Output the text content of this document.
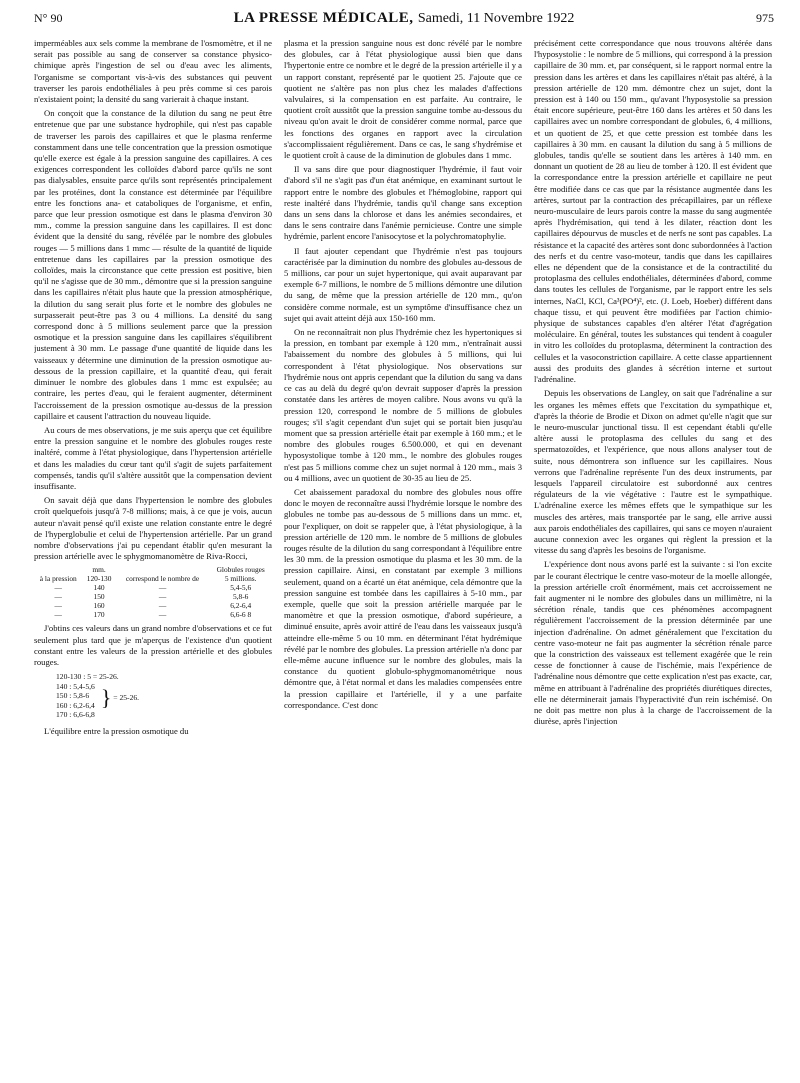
N° 90	LA PRESSE MÉDICALE, Samedi, 11 Novembre 1922	975

imperméables aux sels comme la membrane de l'osmomètre, et il ne serait pas possible au sang de conserver sa constance physico-chimique après l'ingestion de sel ou d'eau avec les aliments, l'organisme se comportant vis-à-vis des substances qui peuvent traverser les parois endothéliales à peu près comme si ces parois n'existaient point; la densité du sang varierait à chaque instant.

On conçoit que la constance de la dilution du sang ne peut être entretenue que par une substance hydrophile, qui n'est pas capable de traverser les parois des capillaires et que le plasma renferme constamment dans une telle concentration que la pression osmotique qu'elle exerce est égale à la pression sanguine des capillaires. A ces exigences correspondent les colloïdes d'abord parce qu'ils ne sont pas dialysables, ensuite parce qu'ils sont représentés principalement par les protéines, dont la constance est déterminée par l'équilibre entre les fonctions ana- et cataboliques de l'organisme, et enfin, parce que leur pression osmotique est dans le plasma d'environ 30 mm., comme la pression sanguine dans les capillaires. Il est donc évident que la densité du sang, révélée par le nombre des globules rouges — 5 millions dans 1 mmc — résulte de la quantité de liquide entretenue dans les capillaires par la pression osmotique des colloïdes, mais la circonstance que cette pression est positive, bien qu'il ne s'agisse que de 30 mm., démontre que si la pression sanguine dans les capillaires n'était plus haute que la pression atmosphérique, la dilution du sang serait plus forte et le nombre des globules ne surpasserait peut-être pas 3 ou 4 millions. La densité du sang correspond donc à 5 millions seulement parce que la pression osmotique et la pression sanguine dans les capillaires s'équilibrent justement à 30 mm. Le passage d'une quantité de liquide dans les vaisseaux y détermine une diminution de la pression osmotique au-dessous de la pression capillaire, et la quantité d'eau, qui ferait diminuer le nombre des globules dans 1 mmc est expulsée; au contraire, les pertes d'eau, qui le feraient augmenter, déterminent l'accroissement de la pression osmotique au-dessus de la pression capillaire et causent l'attraction du nouveau liquide.

Au cours de mes observations, je me suis aperçu que cet équilibre entre la pression sanguine et le nombre des globules rouges reste inaltéré, comme à l'état physiologique, dans l'hypertension artérielle et dans les maladies du cœur tant qu'il s'agit de sujets parfaitement compensés, tandis qu'il s'altère aussitôt que la compensation devient insuffisante.

On savait déjà que dans l'hypertension le nombre des globules croît quelquefois jusqu'à 7-8 millions; mais, à ce que je vois, aucun auteur n'avait pensé qu'il existe une relation constante entre le degré de l'hyperglobulie et celui de l'hypertension artérielle. Par un grand nombre d'observations j'ai pu cependant établir qu'en mesurant la pression artérielle avec le sphygmomanomètre de Riva-Rocci,

	mm.		Globules rouges
à la pression	120-130	correspond le nombre de	5 millions.
—	140	—	5,4-5,6
—	150	—	5,8-6
—	160	—	6,2-6,4
—	170	—	6,6-6 8

J'obtins ces valeurs dans un grand nombre d'observations et ce fut seulement plus tard que je m'aperçus de l'existence d'un quotient constant entre les valeurs de la pression artérielle et des globules rouges.

120-130 : 5 = 25-26.
140 : 5,4-5,6
150 : 5,8-6
160 : 6,2-6,4
170 : 6,6-6,8
} = 25-26.

L'équilibre entre la pression osmotique du

plasma et la pression sanguine nous est donc révélé par le nombre des globules, car à l'état physiologique aussi bien que dans l'hypertonie entre ce nombre et le degré de la pression artérielle il y a un rapport constant, représenté par le quotient 25. J'ajoute que ce quotient ne s'altère pas non plus chez les malades d'affections valvulaires, si la compensation en est parfaite. Au contraire, le quotient croît aussitôt que la pression sanguine tombe au-dessous du niveau qu'on avait le droit de considérer comme normal, parce que les fonctions des organes en rapport avec la circulation s'accomplissaient régulièrement. Dans ce cas, le sang s'hydrémise et le quotient croît à cause de la diminution de globules dans 1 mmc.

Il va sans dire que pour diagnostiquer l'hydrémie, il faut voir d'abord s'il ne s'agit pas d'un état anémique, en examinant surtout le rapport entre le nombre des globules et l'hémoglobine, rapport qui reste inaltéré dans l'hydrémie, tandis qu'il change sans exception dans un sens dans la chlorose et dans les anémies secondaires, et dans le sens contraire dans l'anémie pernicieuse. Contre une simple hydrémie, parlent encore l'anisocytose et la polychromatophylie.

Il faut ajouter cependant que l'hydrémie n'est pas toujours caractérisée par la diminution du nombre des globules au-dessous de 5 millions, car pour un sujet hypertonique, qui avait auparavant par exemple 6-7 millions, le nombre de 5 millions démontre une dilution du sang, de même que la pression artérielle de 120 mm., qu'on considère comme normale, est un symptôme d'insuffisance chez un sujet qui avait atteint déjà aux 150-160 mm.

On ne reconnaîtrait non plus l'hydrémie chez les hypertoniques si la pression, en tombant par exemple à 120 mm., n'entraînait aussi l'abaissement du nombre des globules à 5 millions, qui lui correspondent à l'état physiologique. Nos observations sur l'hydrémie nous ont appris cependant que la dilution du sang va dans ce cas au delà du degré qu'on devrait supposer d'après la pression constatée dans les artères de moyen calibre. Nous avons vu qu'à la pression 120, correspond le nombre de 5 millions de globules rouges; s'il s'agit cependant d'un sujet qui se portait bien jusqu'au moment que sa pression artérielle était par exemple à 160 mm.; et le nombre des globules rouges 6.500.000, et qui en devenant hyposystolique tombe à 120 mm., le nombre des globules rouges n'est pas 5 millions comme chez un sujet normal à 120 mm., mais 3 ou 4 millions, avec un quotient de 30-35 au lieu de 25.

Cet abaissement paradoxal du nombre des globules nous offre donc le moyen de reconnaître aussi l'hydrémie lorsque le nombre des globules ne tombe pas au-dessous de 5 millions dans un mmc. et, pour l'expliquer, on doit se rappeler que, à l'état physiologique, à la pression artérielle de 120 mm. le nombre de 5 millions de globules rouges résulte de la dilution du sang correspondant à l'équilibre entre les 30 mm. de la pression osmotique du plasma et les 30 mm. de la pression capillaire. Ainsi, en constatant par exemple 3 millions seulement, quand on a écarté un état anémique, cela démontre que la pression sanguine est tombée dans les capillaires à 5-10 mm., par exemple, quelle que soit la pression artérielle marquée par le manomètre et que la pression osmotique, d'abord supérieure, a diminué ensuite, après avoir attiré de l'eau dans les vaisseaux jusqu'à atteindre elle-même 5 ou 10 mm. en déterminant l'état hydrémique révélé par le nombre des globules. La pression artérielle n'a donc par elle-même aucune influence sur le nombre des globules, mais la constance du quotient globulo-sphygmomanométrique nous démontre que, à l'état normal et dans les maladies compensées entre la pression capillaire et l'artérielle, il y a une parfaite correspondance. C'est donc

précisément cette correspondance que nous trouvons altérée dans l'hyposystolie : le nombre de 5 millions, qui correspond à la pression capillaire de 30 mm. et, par conséquent, si le rapport normal entre la pression dans les artères et dans les capillaires n'était pas altéré, à la pression artérielle de 120 mm. démontre chez un sujet, dont la pression est à 140 ou 150 mm., qu'avant l'hyposystolie sa pression était encore supérieure, peut-être 160 dans les artères et 50 dans les capillaires avec un nombre correspondant de globules, 6, 4 millions, et un quotient de 25, et que cette pression est tombée dans les capillaires à 30 mm. en causant la dilution du sang à 5 millions de globules, tandis qu'elle se soutient dans les artères à 140 mm. en donnant un quotient de 28 au lieu de tomber à 120. Il est évident que la correspondance entre la pression artérielle et capillaire ne peut être modifiée dans ce cas que par la résistance augmentée dans les artères, surtout par la contraction des précapillaires, par un réflexe neuro-musculaire de leurs parois contre la masse du sang augmentée après l'hydrémisation, qui tend à les dilater, réaction dont les capillaires dépourvus de muscles et de nerfs ne sont pas capables. La résistance et la capacité des artères sont donc subordonnées à l'action des nerfs et du centre vaso-moteur, tandis que dans les capillaires elles ne dépendent que de la consistance et de la contractilité du protoplasma des cellules endothéliales, déterminées d'abord, comme dans toutes les cellules de l'organisme, par le rapport entre les sels internes, NaCl, KCl, Ca³(PO⁴)², etc. (J. Loeb, Hoeber) différent dans chaque tissu, et qui peuvent être modifiées par l'action chimio-physique de substances capables d'en altérer l'état d'agrégation moléculaire. En général, toutes les substances qui tendent à coaguler in vitro les colloïdes du protoplasma, déterminent la contraction des cellules et la vasoconstriction capillaire. A cette classe appartiennent aussi des produits des glandes à sécrétion interne et surtout l'adrénaline.

Depuis les observations de Langley, on sait que l'adrénaline a sur les organes les mêmes effets que l'excitation du sympathique et, d'après la théorie de Brodie et Dixon on admet qu'elle n'agit que sur le neuro-muscular junctional tissu. Il est cependant établi qu'elle altère aussi le protoplasma des cellules du sang et des spermatozoïdes, et l'expérience, que nous allons analyser tout de suite, nous démontrera son influence sur les capillaires. Nous verrons que l'adrénaline représente l'un des deux instruments, par lesquels l'appareil circulatoire est subordonné aux centres régulateurs de la vie végétative : l'autre est le sympathique. L'adrénaline exerce les mêmes effets que le sympathique sur les muscles des artères, mais transportée par le sang, elle arrive aussi aux parois endothéliales des capillaires, qui sans ce moyen n'auraient aucune connexion avec les organes qui règlent la pression et la vitesse du sang d'après les besoins de l'organisme.

L'expérience dont nous avons parlé est la suivante : si l'on excite par le courant électrique le centre vaso-moteur de la moelle allongée, la pression artérielle croît énormément, mais cet accroissement ne fait augmenter ni le nombre des globules dans un millimètre, ni la sécrétion rénale, tandis que ces phénomènes accompagnent régulièrement l'accroissement de la pression déterminée par une injection d'adrénaline. On admet généralement que l'excitation du centre vaso-moteur ne fait pas augmenter la sécrétion rénale parce que la constriction des vaisseaux est tellement exagérée que le rein cesse de fonctionner à cause de l'ischémie, mais l'expérience de l'adrénaline nous démontre que cette explication n'est pas exacte, car, même en attribuant à l'adrénaline des propriétés diurétiques directes, elle ne déterminerait jamais l'hyperactivité d'un rein ischémisé. On ne doit pas mettre non plus à la charge de l'accroissement de la diurèse, après l'injection
